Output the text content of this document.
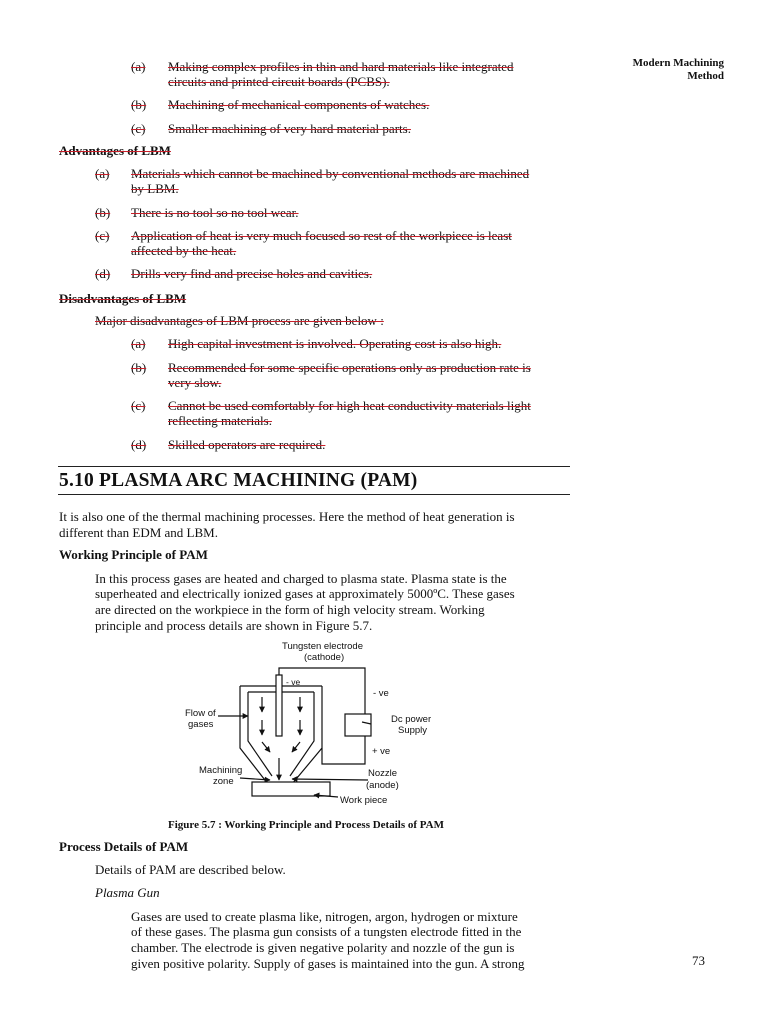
Modern Machining
Method
(a) Making complex profiles in thin and hard materials like integrated
circuits and printed circuit boards (PCBS).
(b) Machining of mechanical components of watches.
(c) Smaller machining of very hard material parts.
Advantages of LBM
(a) Materials which cannot be machined by conventional methods are machined
by LBM.
(b) There is no tool so no tool wear.
(c) Application of heat is very much focused so rest of the workpiece is least
affected by the heat.
(d) Drills very find and precise holes and cavities.
Disadvantages of LBM
Major disadvantages of LBM process are given below :
(a) High capital investment is involved. Operating cost is also high.
(b) Recommended for some specific operations only as production rate is
very slow.
(c) Cannot be used comfortably for high heat conductivity materials light
reflecting materials.
(d) Skilled operators are required.
5.10 PLASMA ARC MACHINING (PAM)
It is also one of the thermal machining processes. Here the method of heat generation is
different than EDM and LBM.
Working Principle of PAM
In this process gases are heated and charged to plasma state. Plasma state is the
superheated and electrically ionized gases at approximately 5000ºC. These gases
are directed on the workpiece in the form of high velocity stream. Working
principle and process details are shown in Figure 5.7.
Tungsten electrode
(cathode)
- ve
- ve
Flow of
gases	Dc power
Supply
+ ve
Machining
zone
Nozzle
(anode)
Work piece
Figure 5.7 : Working Principle and Process Details of PAM
Process Details of PAM
Details of PAM are described below.
Plasma Gun
Gases are used to create plasma like, nitrogen, argon, hydrogen or mixture
of these gases. The plasma gun consists of a tungsten electrode fitted in the
chamber. The electrode is given negative polarity and nozzle of the gun is
given positive polarity. Supply of gases is maintained into the gun. A strong	73
